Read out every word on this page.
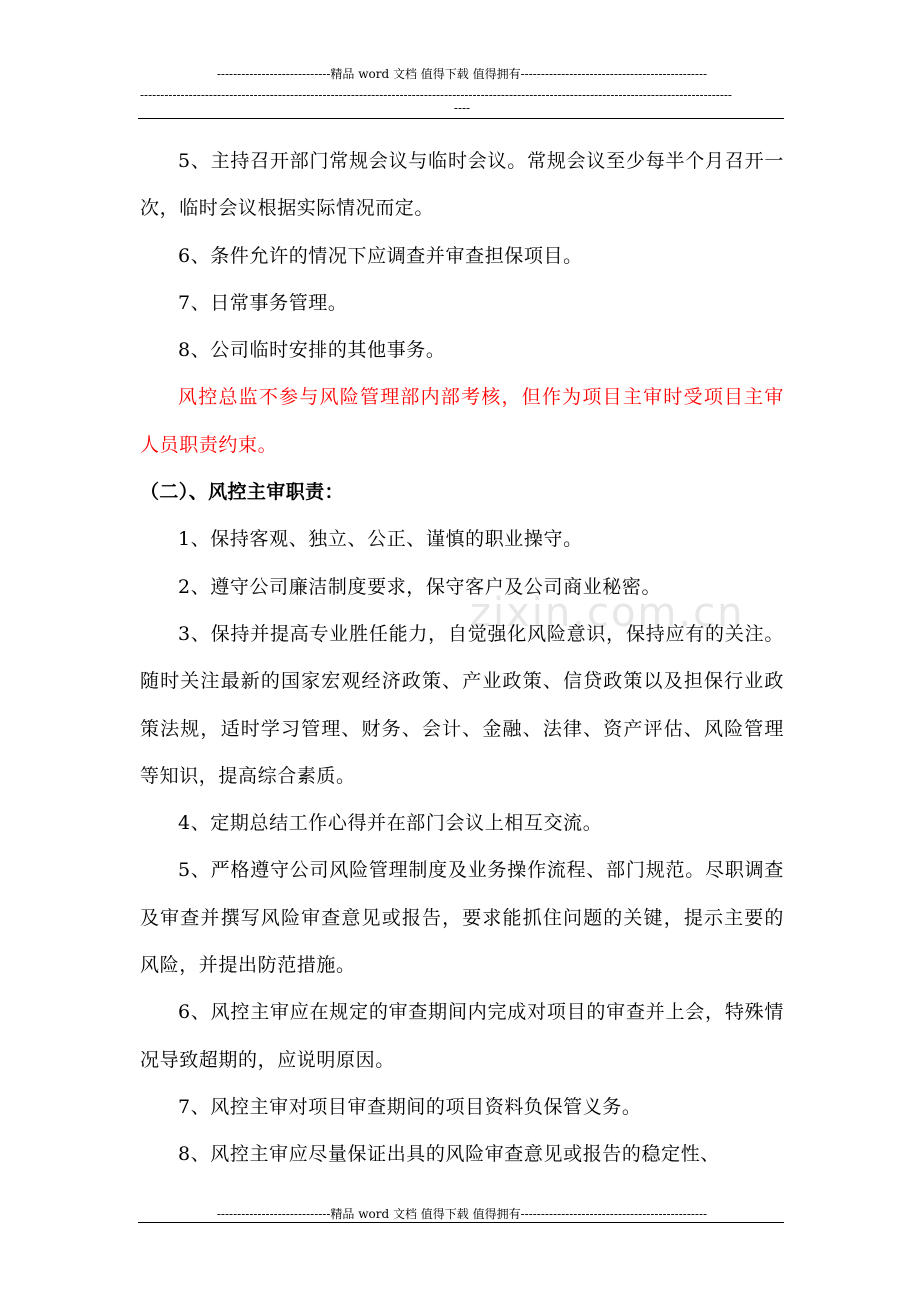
----------------------------精品 word 文档 值得下载 值得拥有----------------------------------------------
--------------------------------------------------------------------------------------------------------------------------------------------------
----
zixin.com.cn

5、主持召开部门常规会议与临时会议。常规会议至少每半个月召开一次，临时会议根据实际情况而定。

6、条件允许的情况下应调查并审查担保项目。

7、日常事务管理。

8、公司临时安排的其他事务。

风控总监不参与风险管理部内部考核，但作为项目主审时受项目主审人员职责约束。

（二）、风控主审职责：

1、保持客观、独立、公正、谨慎的职业操守。

2、遵守公司廉洁制度要求，保守客户及公司商业秘密。

3、保持并提高专业胜任能力，自觉强化风险意识，保持应有的关注。随时关注最新的国家宏观经济政策、产业政策、信贷政策以及担保行业政策法规，适时学习管理、财务、会计、金融、法律、资产评估、风险管理等知识，提高综合素质。

4、定期总结工作心得并在部门会议上相互交流。

5、严格遵守公司风险管理制度及业务操作流程、部门规范。尽职调查及审查并撰写风险审查意见或报告，要求能抓住问题的关键，提示主要的风险，并提出防范措施。

6、风控主审应在规定的审查期间内完成对项目的审查并上会，特殊情况导致超期的，应说明原因。

7、风控主审对项目审查期间的项目资料负保管义务。

8、风控主审应尽量保证出具的风险审查意见或报告的稳定性、

----------------------------精品 word 文档 值得下载 值得拥有----------------------------------------------
